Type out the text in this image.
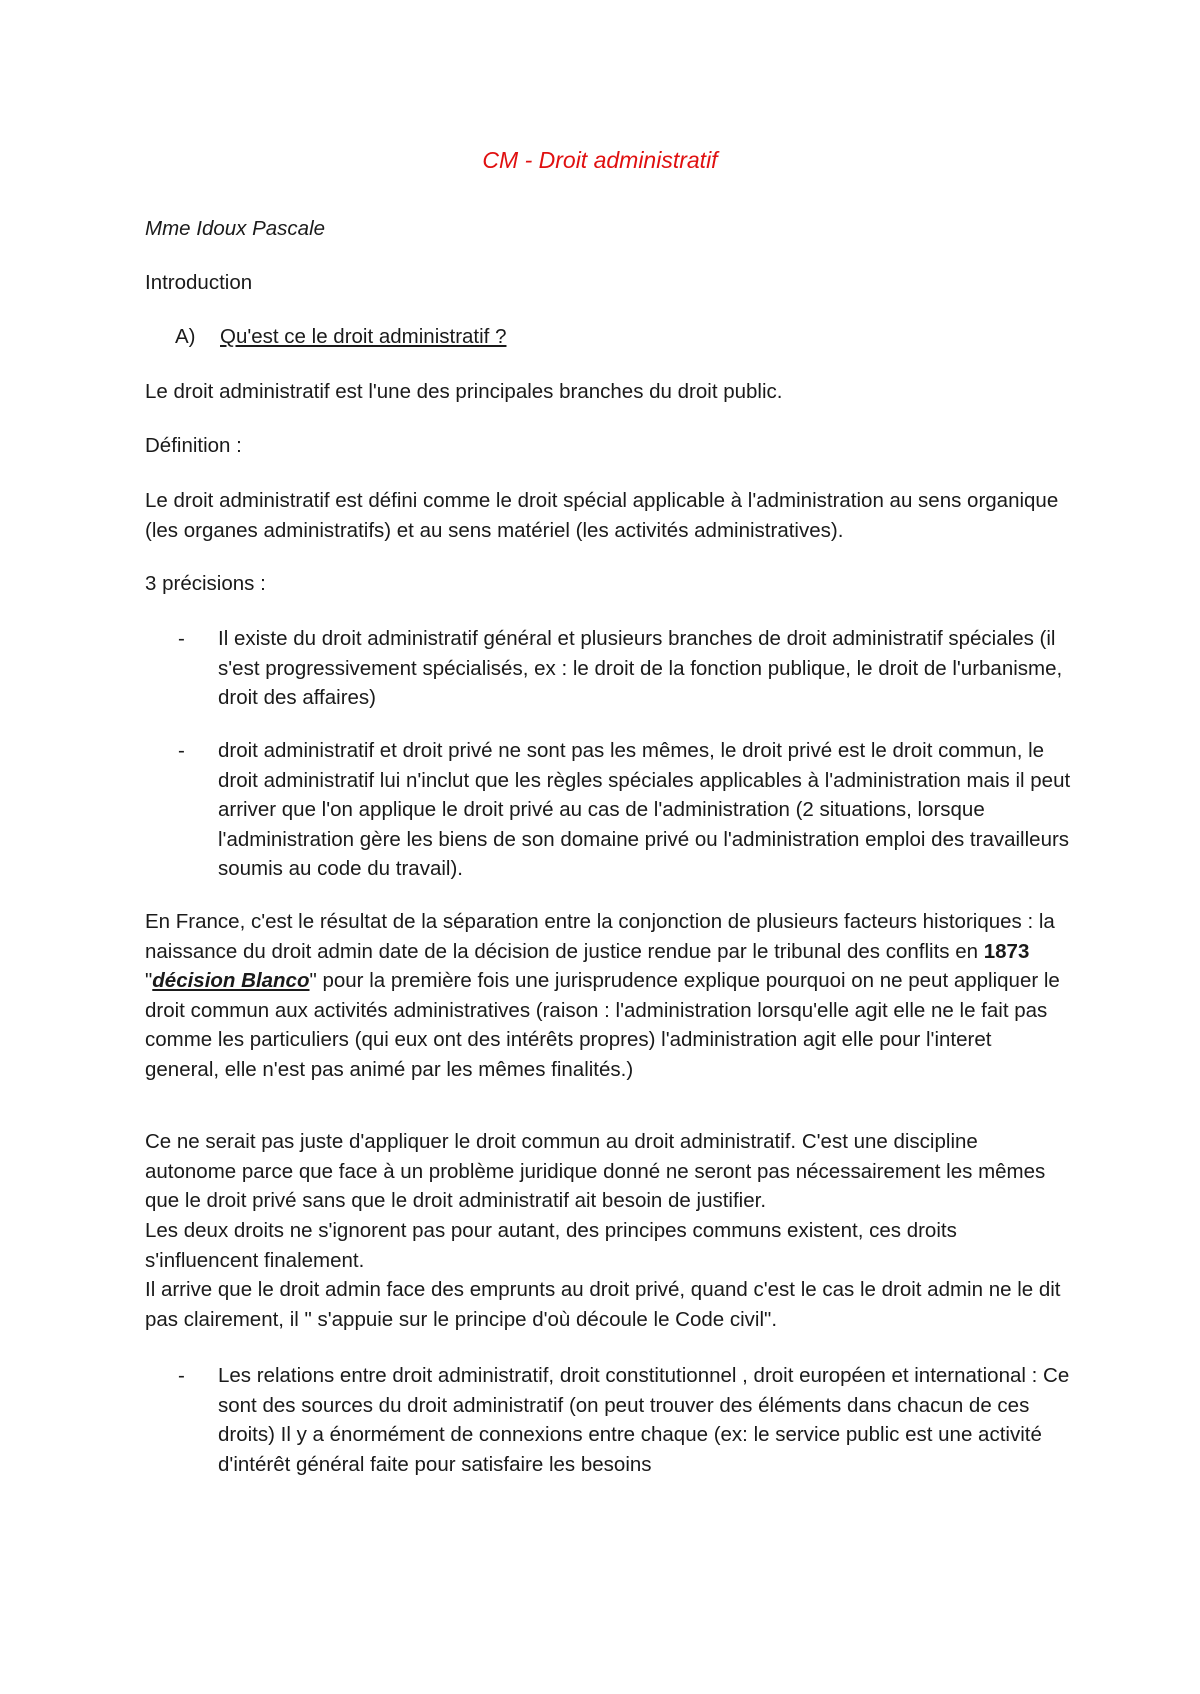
CM - Droit administratif

Mme Idoux Pascale

Introduction

A) Qu'est ce le droit administratif ?

Le droit administratif est l'une des principales branches du droit public.

Définition :

Le droit administratif est défini comme le droit spécial applicable à l'administration au sens organique (les organes administratifs) et au sens matériel (les activités administratives).

3 précisions :

- Il existe du droit administratif général et plusieurs branches de droit administratif spéciales (il s'est progressivement spécialisés, ex : le droit de la fonction publique, le droit de l'urbanisme, droit des affaires)
- droit administratif et droit privé ne sont pas les mêmes, le droit privé est le droit commun, le droit administratif lui n'inclut que les règles spéciales applicables à l'administration mais il peut arriver que l'on applique le droit privé au cas de l'administration (2 situations, lorsque l'administration gère les biens de son domaine privé ou l'administration emploi des travailleurs soumis au code du travail).

En France, c'est le résultat de la séparation entre la conjonction de plusieurs facteurs historiques : la naissance du droit admin date de la décision de justice rendue par le tribunal des conflits en 1873 "décision Blanco" pour la première fois une jurisprudence explique pourquoi on ne peut appliquer le droit commun aux activités administratives (raison : l'administration lorsqu'elle agit elle ne le fait pas comme les particuliers (qui eux ont des intérêts propres) l'administration agit elle pour l'interet general, elle n'est pas animé par les mêmes finalités.)

Ce ne serait pas juste d'appliquer le droit commun au droit administratif. C'est une discipline autonome parce que face à un problème juridique donné ne seront pas nécessairement les mêmes que le droit privé sans que le droit administratif ait besoin de justifier.

Les deux droits ne s'ignorent pas pour autant, des principes communs existent, ces droits s'influencent finalement.

Il arrive que le droit admin face des emprunts au droit privé, quand c'est le cas le droit admin ne le dit pas clairement, il " s'appuie sur le principe d'où découle le Code civil".

- Les relations entre droit administratif, droit constitutionnel , droit européen et international : Ce sont des sources du droit administratif (on peut trouver des éléments dans chacun de ces droits) Il y a énormément de connexions entre chaque (ex: le service public est une activité d'intérêt général faite pour satisfaire les besoins
